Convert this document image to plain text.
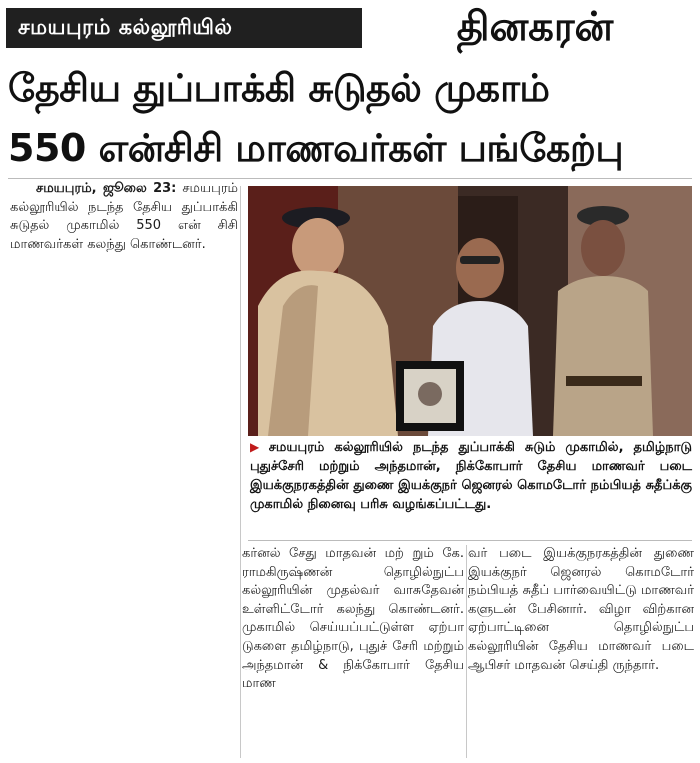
சமயபுரம் கல்லூரியில்	தினகரன்
தேசிய துப்பாக்கி சுடுதல் முகாம்
550 என்சிசி மாணவர்கள் பங்கேற்பு

சமயபுரம், ஜூலை 23: சமயபுரம் கல்லூரியில் நடந்த தேசிய துப்பாக்கி சுடுதல் முகாமில் 550 என் சிசி மாணவர்கள் கலந்து கொண்டனர்.

▶ சமயபுரம் கல்லூரியில் நடந்த துப்பாக்கி சுடும் முகாமில், தமிழ்நாடு புதுச்சேரி மற்றும் அந்தமான், நிக்கோபார் தேசிய மாணவர் படை இயக்குநரகத்தின் துணை இயக்குநர் ஜெனரல் கொமடோர் நம்பியத் சுதீப்க்கு முகாமில் நினைவு பரிசு வழங்கப்பட்டது.

கர்னல் சேது மாதவன் மற் றும் கே. ராமகிருஷ்ணன் தொழில்நுட்ப கல்லூரியின் முதல்வர் வாசுதேவன் உள்ளிட்டோர் கலந்து கொண்டனர். முகாமில் செய்யப்பட்டுள்ள ஏற்பா டுகளை தமிழ்நாடு, புதுச் சேரி மற்றும் அந்தமான் & நிக்கோபார் தேசிய மாண

வர் படை இயக்குநரகத்தின் துணை இயக்குநர் ஜெனரல் கொமடோர் நம்பியத் சுதீப் பார்வையிட்டு மாணவர் களுடன் பேசினார். விழா விற்கான ஏற்பாட்டினை தொழில்நுட்ப கல்லூரியின் தேசிய மாணவர் படை ஆபிசர் மாதவன் செய்தி ருந்தார்.
